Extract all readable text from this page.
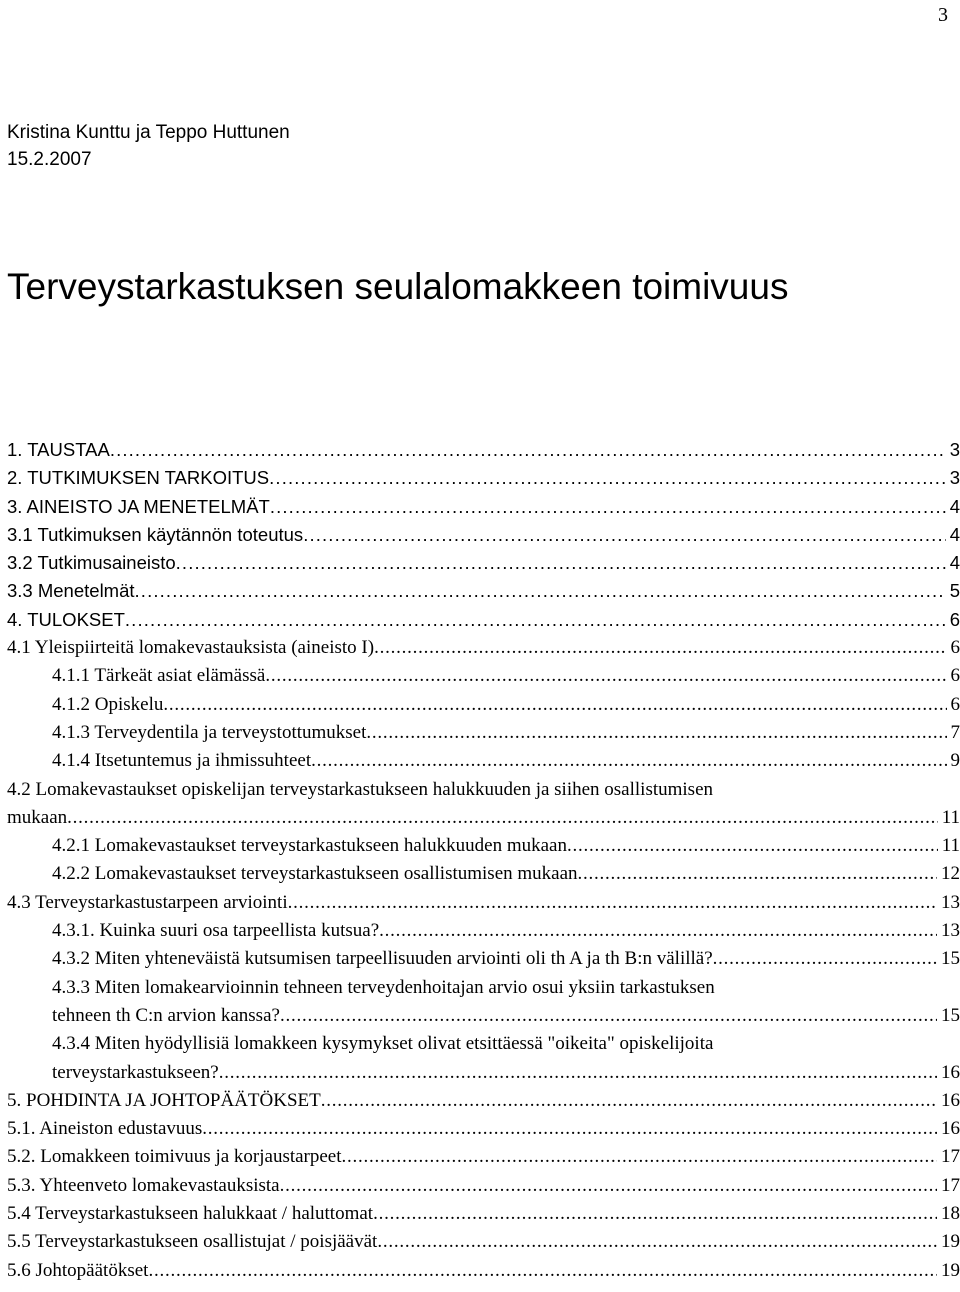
3
Kristina Kunttu ja Teppo Huttunen
15.2.2007
Terveystarkastuksen seulalomakkeen toimivuus
1. TAUSTAA . . .	3
2. TUTKIMUKSEN TARKOITUS . . .	3
3. AINEISTO JA MENETELMÄT . . .	4
3.1 Tutkimuksen käytännön toteutus . . .	4
3.2 Tutkimusaineisto . . .	4
3.3 Menetelmät . . .	5
4. TULOKSET . . .	6
4.1 Yleispiirteitä lomakevastauksista (aineisto I) . . .	6
4.1.1 Tärkeät asiat elämässä . . .	6
4.1.2 Opiskelu . . .	6
4.1.3 Terveydentila ja terveystottumukset . . .	7
4.1.4 Itsetuntemus ja ihmissuhteet . . .	9
4.2 Lomakevastaukset opiskelijan terveystarkastukseen halukkuuden ja siihen osallistumisen
mukaan . . .	11
4.2.1 Lomakevastaukset terveystarkastukseen halukkuuden mukaan . . .	11
4.2.2 Lomakevastaukset terveystarkastukseen osallistumisen mukaan . . .	12
4.3 Terveystarkastustarpeen arviointi . . .	13
4.3.1. Kuinka suuri osa tarpeellista kutsua? . . .	13
4.3.2 Miten yhteneväistä kutsumisen tarpeellisuuden arviointi oli th A ja th B:n välillä? . . .	15
4.3.3 Miten lomakearvioinnin tehneen terveydenhoitajan arvio osui yksiin tarkastuksen
tehneen th C:n arvion kanssa? . . .	15
4.3.4 Miten hyödyllisiä lomakkeen kysymykset olivat etsittäessä "oikeita" opiskelijoita
terveystarkastukseen? . . .	16
5. POHDINTA JA JOHTOPÄÄTÖKSET . . .	16
5.1. Aineiston edustavuus . . .	16
5.2. Lomakkeen toimivuus ja korjaustarpeet . . .	17
5.3. Yhteenveto lomakevastauksista . . .	17
5.4 Terveystarkastukseen halukkaat / haluttomat . . .	18
5.5 Terveystarkastukseen osallistujat / poisjäävät . . .	19
5.6 Johtopäätökset . . .	19
